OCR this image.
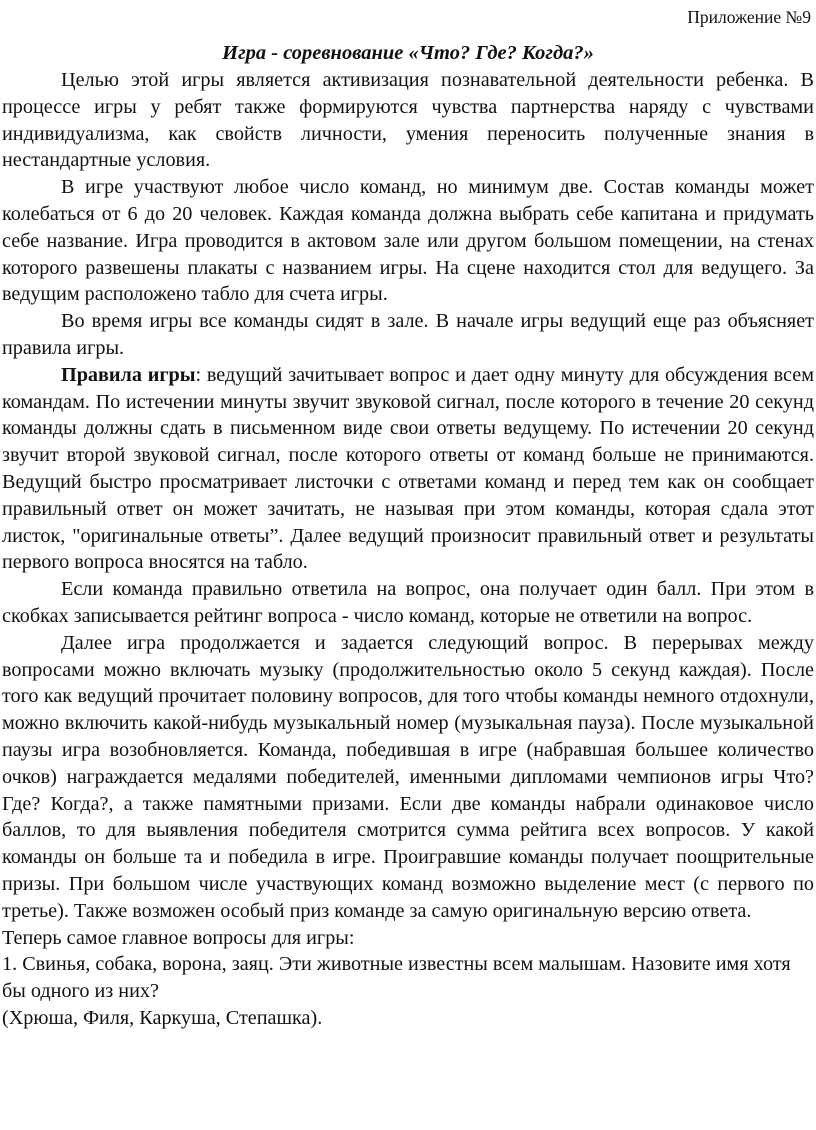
Приложение №9
Игра - соревнование «Что? Где? Когда?»

Целью этой игры является активизация познавательной деятельности ребенка. В процессе игры у ребят также формируются чувства партнерства наряду с чувствами индивидуализма, как свойств личности, умения переносить полученные знания в нестандартные условия.

В игре участвуют любое число команд, но минимум две. Состав команды может колебаться от 6 до 20 человек. Каждая команда должна выбрать себе капитана и придумать себе название. Игра проводится в актовом зале или другом большом помещении, на стенах которого развешены плакаты с названием игры. На сцене находится стол для ведущего. За ведущим расположено табло для счета игры.

Во время игры все команды сидят в зале. В начале игры ведущий еще раз объясняет правила игры.

Правила игры: ведущий зачитывает вопрос и дает одну минуту для обсуждения всем командам. По истечении минуты звучит звуковой сигнал, после которого в течение 20 секунд команды должны сдать в письменном виде свои ответы ведущему. По истечении 20 секунд звучит второй звуковой сигнал, после которого ответы от команд больше не принимаются. Ведущий быстро просматривает листочки с ответами команд и перед тем как он сообщает правильный ответ он может зачитать, не называя при этом команды, которая сдала этот листок, "оригинальные ответы”. Далее ведущий произносит правильный ответ и результаты первого вопроса вносятся на табло.

Если команда правильно ответила на вопрос, она получает один балл. При этом в скобках записывается рейтинг вопроса - число команд, которые не ответили на вопрос.

Далее игра продолжается и задается следующий вопрос. В перерывах между вопросами можно включать музыку (продолжительностью около 5 секунд каждая). После того как ведущий прочитает половину вопросов, для того чтобы команды немного отдохнули, можно включить какой-нибудь музыкальный номер (музыкальная пауза). После музыкальной паузы игра возобновляется. Команда, победившая в игре (набравшая большее количество очков) награждается медалями победителей, именными дипломами чемпионов игры Что? Где? Когда?, а также памятными призами. Если две команды набрали одинаковое число баллов, то для выявления победителя смотрится сумма рейтига всех вопросов. У какой команды он больше та и победила в игре. Проигравшие команды получает поощрительные призы. При большом числе участвующих команд возможно выделение мест (с первого по третье). Также возможен особый приз команде за самую оригинальную версию ответа.

Теперь самое главное вопросы для игры:

1. Свинья, собака, ворона, заяц. Эти животные известны всем малышам. Назовите имя хотя бы одного из них?

(Хрюша, Филя, Каркуша, Степашка).
